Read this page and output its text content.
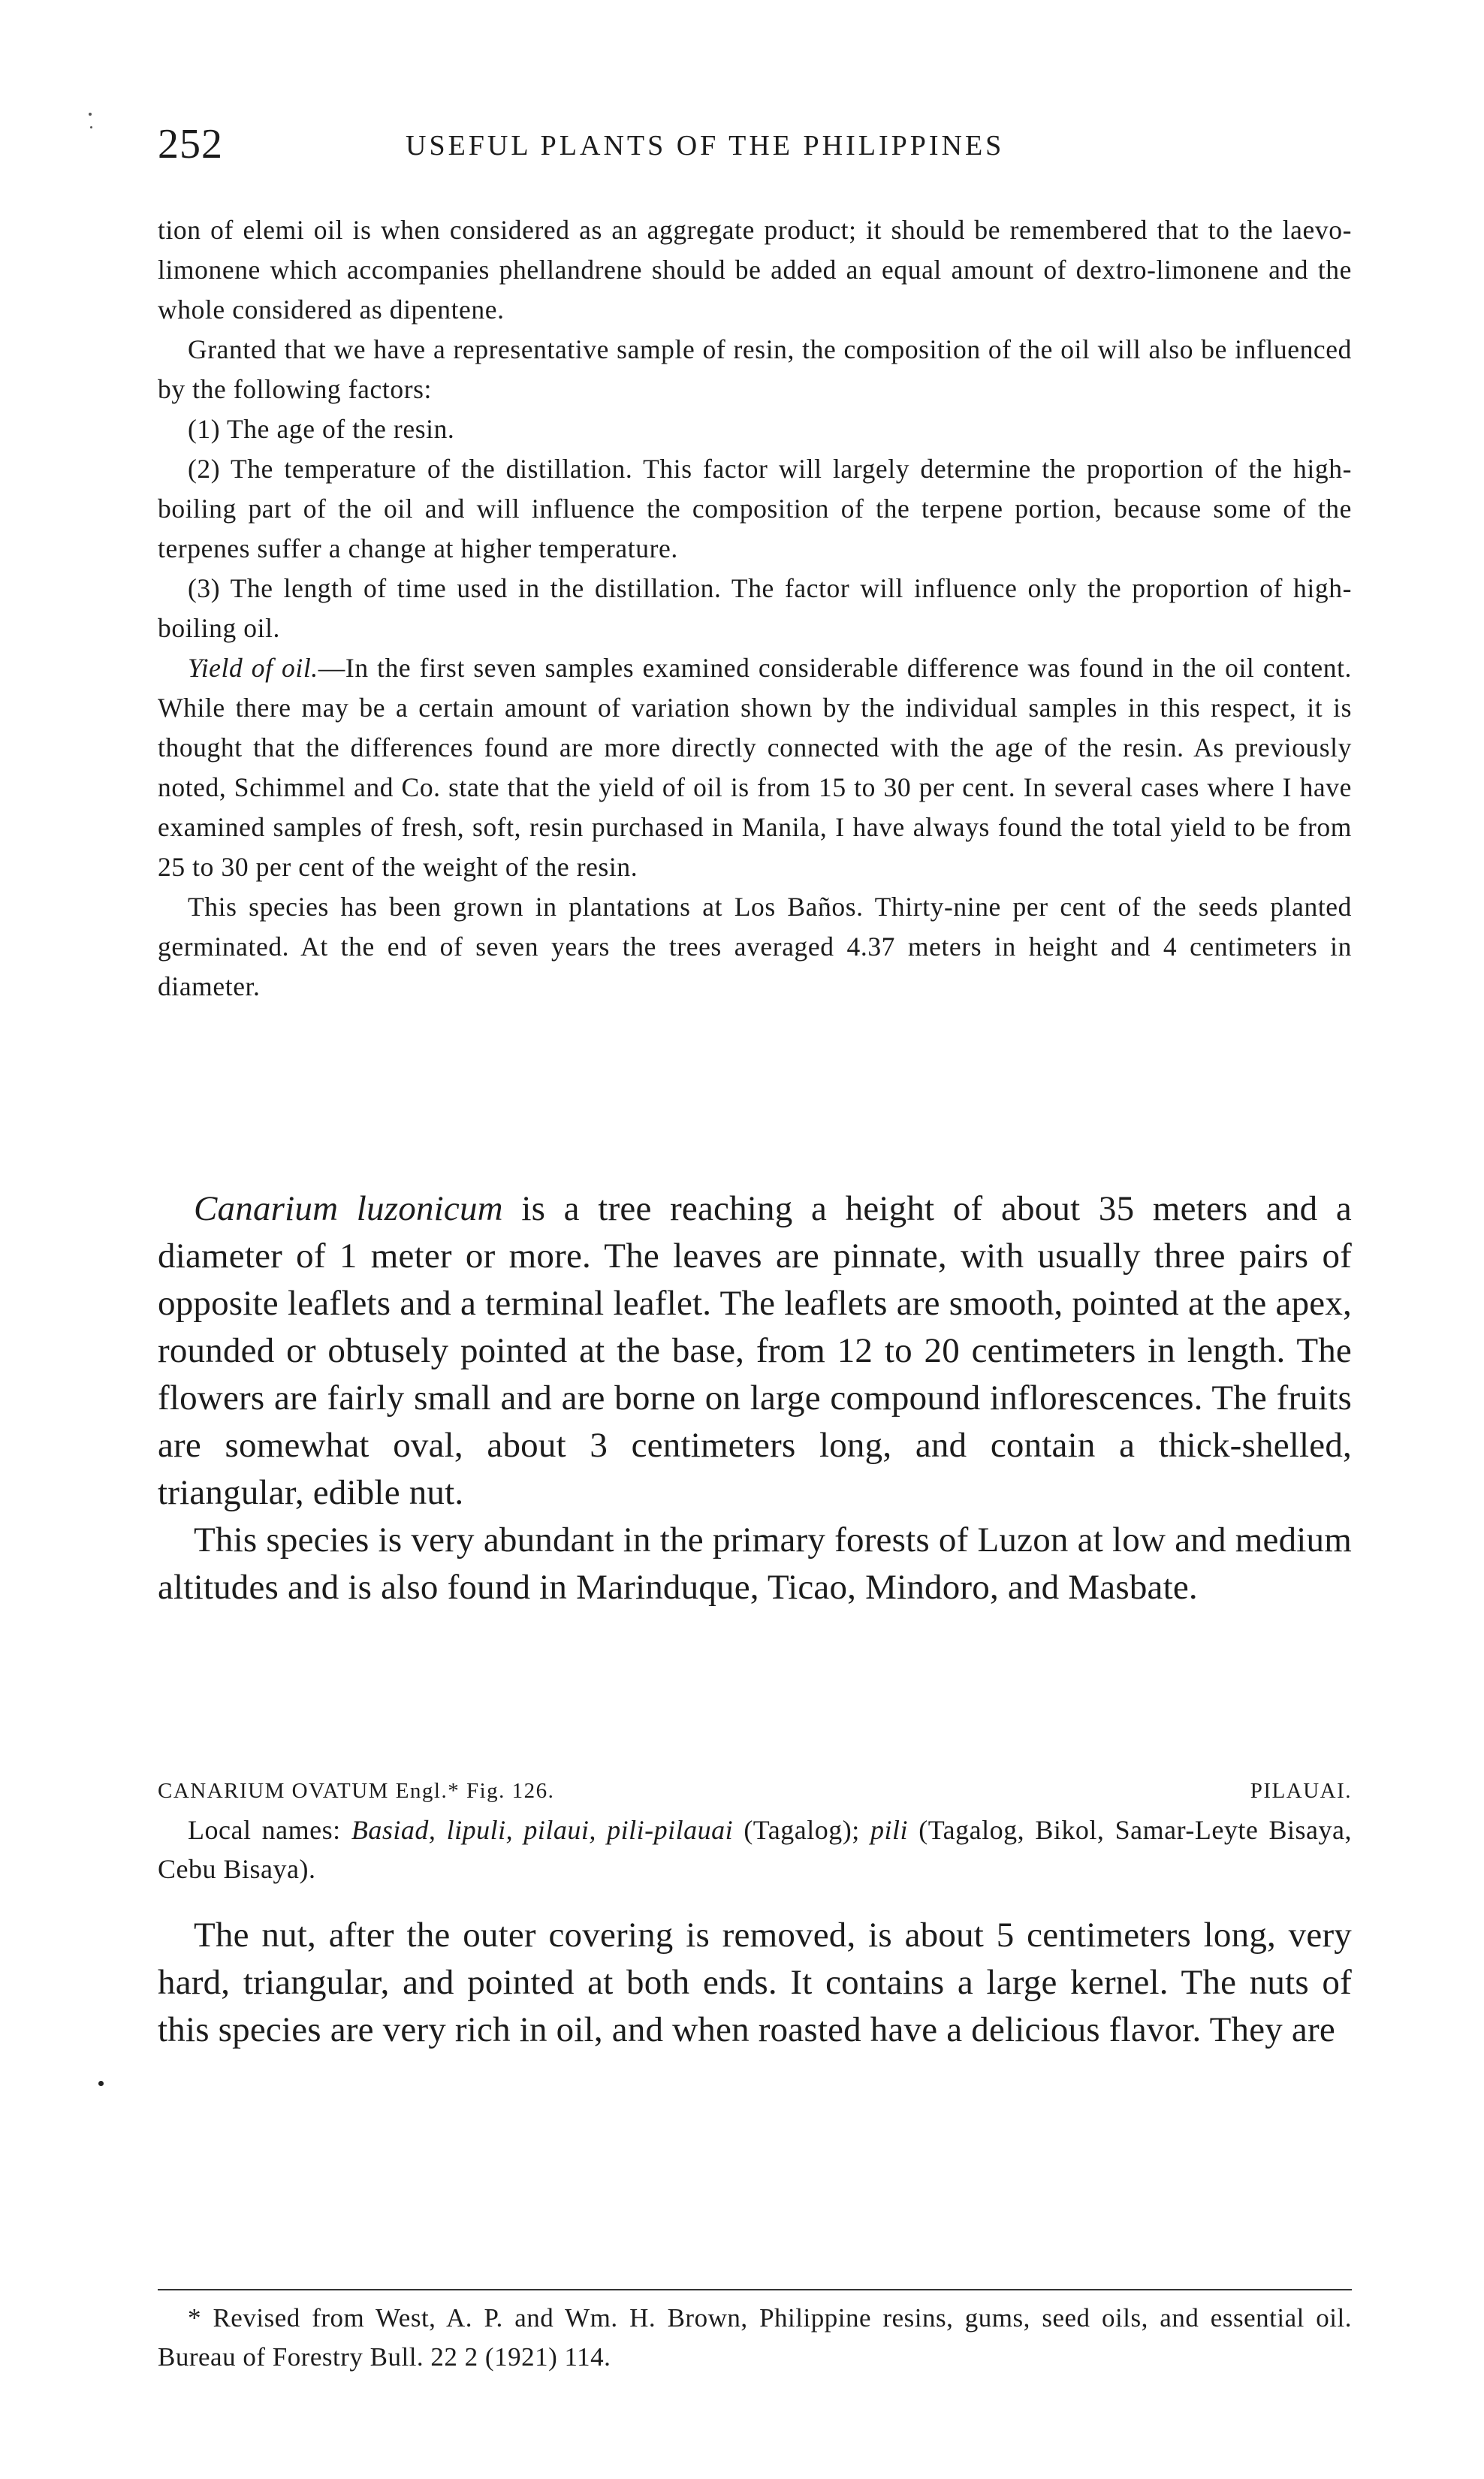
252	USEFUL PLANTS OF THE PHILIPPINES

tion of elemi oil is when considered as an aggregate product; it should be remembered that to the laevo-limonene which accompanies phellandrene should be added an equal amount of dextro-limonene and the whole considered as dipentene.

Granted that we have a representative sample of resin, the composition of the oil will also be influenced by the following factors:

(1) The age of the resin.

(2) The temperature of the distillation. This factor will largely determine the proportion of the high-boiling part of the oil and will influence the composition of the terpene portion, because some of the terpenes suffer a change at higher temperature.

(3) The length of time used in the distillation. The factor will influence only the proportion of high-boiling oil.

Yield of oil.—In the first seven samples examined considerable difference was found in the oil content. While there may be a certain amount of variation shown by the individual samples in this respect, it is thought that the differences found are more directly connected with the age of the resin. As previously noted, Schimmel and Co. state that the yield of oil is from 15 to 30 per cent. In several cases where I have examined samples of fresh, soft, resin purchased in Manila, I have always found the total yield to be from 25 to 30 per cent of the weight of the resin.

This species has been grown in plantations at Los Baños. Thirty-nine per cent of the seeds planted germinated. At the end of seven years the trees averaged 4.37 meters in height and 4 centimeters in diameter.

Canarium luzonicum is a tree reaching a height of about 35 meters and a diameter of 1 meter or more. The leaves are pinnate, with usually three pairs of opposite leaflets and a terminal leaflet. The leaflets are smooth, pointed at the apex, rounded or obtusely pointed at the base, from 12 to 20 centimeters in length. The flowers are fairly small and are borne on large compound inflorescences. The fruits are somewhat oval, about 3 centimeters long, and contain a thick-shelled, triangular, edible nut.

This species is very abundant in the primary forests of Luzon at low and medium altitudes and is also found in Marinduque, Ticao, Mindoro, and Masbate.

CANARIUM OVATUM Engl.* Fig. 126.	PILAUAI.

Local names: Basiad, lipuli, pilaui, pili-pilauai (Tagalog); pili (Tagalog, Bikol, Samar-Leyte Bisaya, Cebu Bisaya).

The nut, after the outer covering is removed, is about 5 centimeters long, very hard, triangular, and pointed at both ends. It contains a large kernel. The nuts of this species are very rich in oil, and when roasted have a delicious flavor. They are

* Revised from West, A. P. and Wm. H. Brown, Philippine resins, gums, seed oils, and essential oil. Bureau of Forestry Bull. 22 2 (1921) 114.
